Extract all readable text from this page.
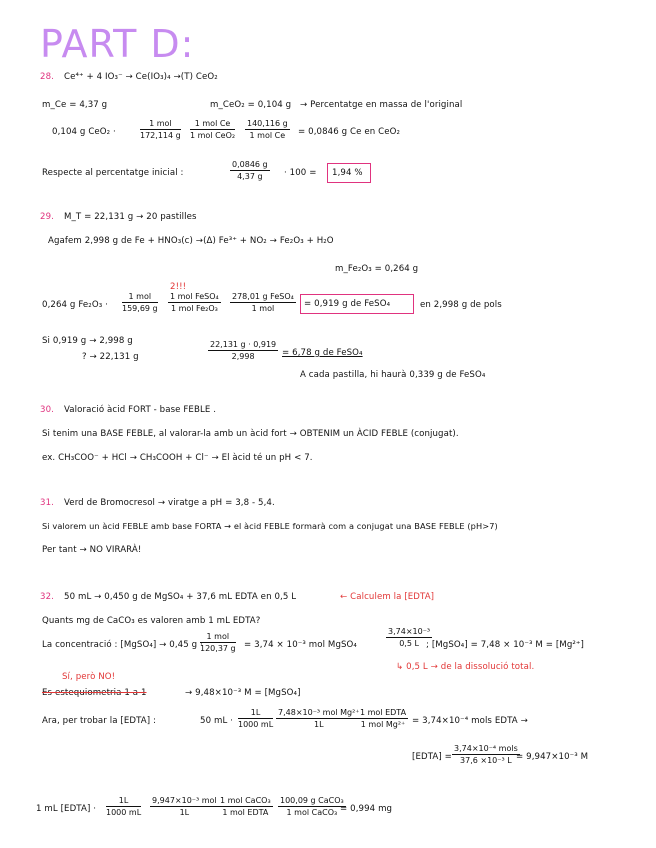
PART D:
28. Ce⁴⁺ + 4 IO₃⁻ → Ce(IO₃)₄ →(T) CeO₂
m_Ce = 4,37 g	m_CeO₂ = 0,104 g → Percentatge en massa de l'original
0,104 g CeO₂ ·
1 mol
172,114 g
1 mol Ce
1 mol CeO₂
140,116 g
1 mol Ce	= 0,0846 g Ce en CeO₂
Respecte al percentatge inicial :	$\frac{0,0846 g}{4,37 g} \cdot 100 = 1,94$ %
29. M_T = 22,131 g → 20 pastilles
Agafem 2,998 g de Fe + HNO₃(c) →(Δ) Fe³⁺ + NO₂ → Fe₂O₃ + H₂O
m_Fe₂O₃ = 0,264 g
2!!!
0,264 g Fe₂O₃ ·
1 mol
159,69 g
1 mol FeSO₄
1 mol Fe₂O₃
278,01 g FeSO₄
1 mol	= 0,919 g de FeSO₄	en 2,998 g de pols
Si 0,919 g → 2,998 g
? → 22,131 g	$\frac{22,131 g \cdot 0,919}{2,998} = 6,78$ g de FeSO₄
A cada pastilla, hi haurà 0,339 g de FeSO₄
30. Valoració àcid FORT - base FEBLE .
Si tenim una BASE FEBLE, al valorar-la amb un àcid fort → OBTENIM un ÀCID FEBLE (conjugat).
ex. CH₃COO⁻ + HCl → CH₃COOH + Cl⁻ → El àcid té un pH < 7.
31. Verd de Bromocresol → viratge a pH = 3,8 - 5,4.
Si valorem un àcid FEBLE amb base FORTA → el àcid FEBLE formarà com a conjugat una BASE FEBLE (pH>7)
Per tant → NO VIRARÀ!
32. 50 mL → 0,450 g de MgSO₄ + 37,6 mL EDTA en 0,5 L	← Calculem la [EDTA]
Quants mg de CaCO₃ es valoren amb 1 mL EDTA?
La concentració : [MgSO₄] → 0,45 g ·
1 mol
120,37 g = 3,74 × 10⁻³ mol MgSO₄	$\frac{\text{3,74×10⁻³}}{0,5 L}$
; [MgSO₄] = 7,48 × 10⁻³ M = [Mg²⁺]
↳ 0,5 L → de la dissolució total.
Sí, però NO!
Es estequiometria 1 a 1	→ 9,48×10⁻³ M = [MgSO₄]
Ara, per trobar la [EDTA] :	50 mL · $\frac{1L}{1000 mL} 7,48\times 10^{-3}$ mol Mg²⁺
1L
1 mol EDTA
1 mol Mg²⁺ = 3,74×10⁻⁴ mols EDTA →
[EDTA] =
3,74×10⁻⁴ mols
37,6 ×10⁻³ L = 9,947×10⁻³ M
1 mL [EDTA] · $\frac{1L}{1000 mL} 9,947\times 10^{-3}$ mol
1L
1 mol CaCO₃
1 mol EDTA
100,09 g CaCO₃
1 mol CaCO₃ = 0,994 mg
